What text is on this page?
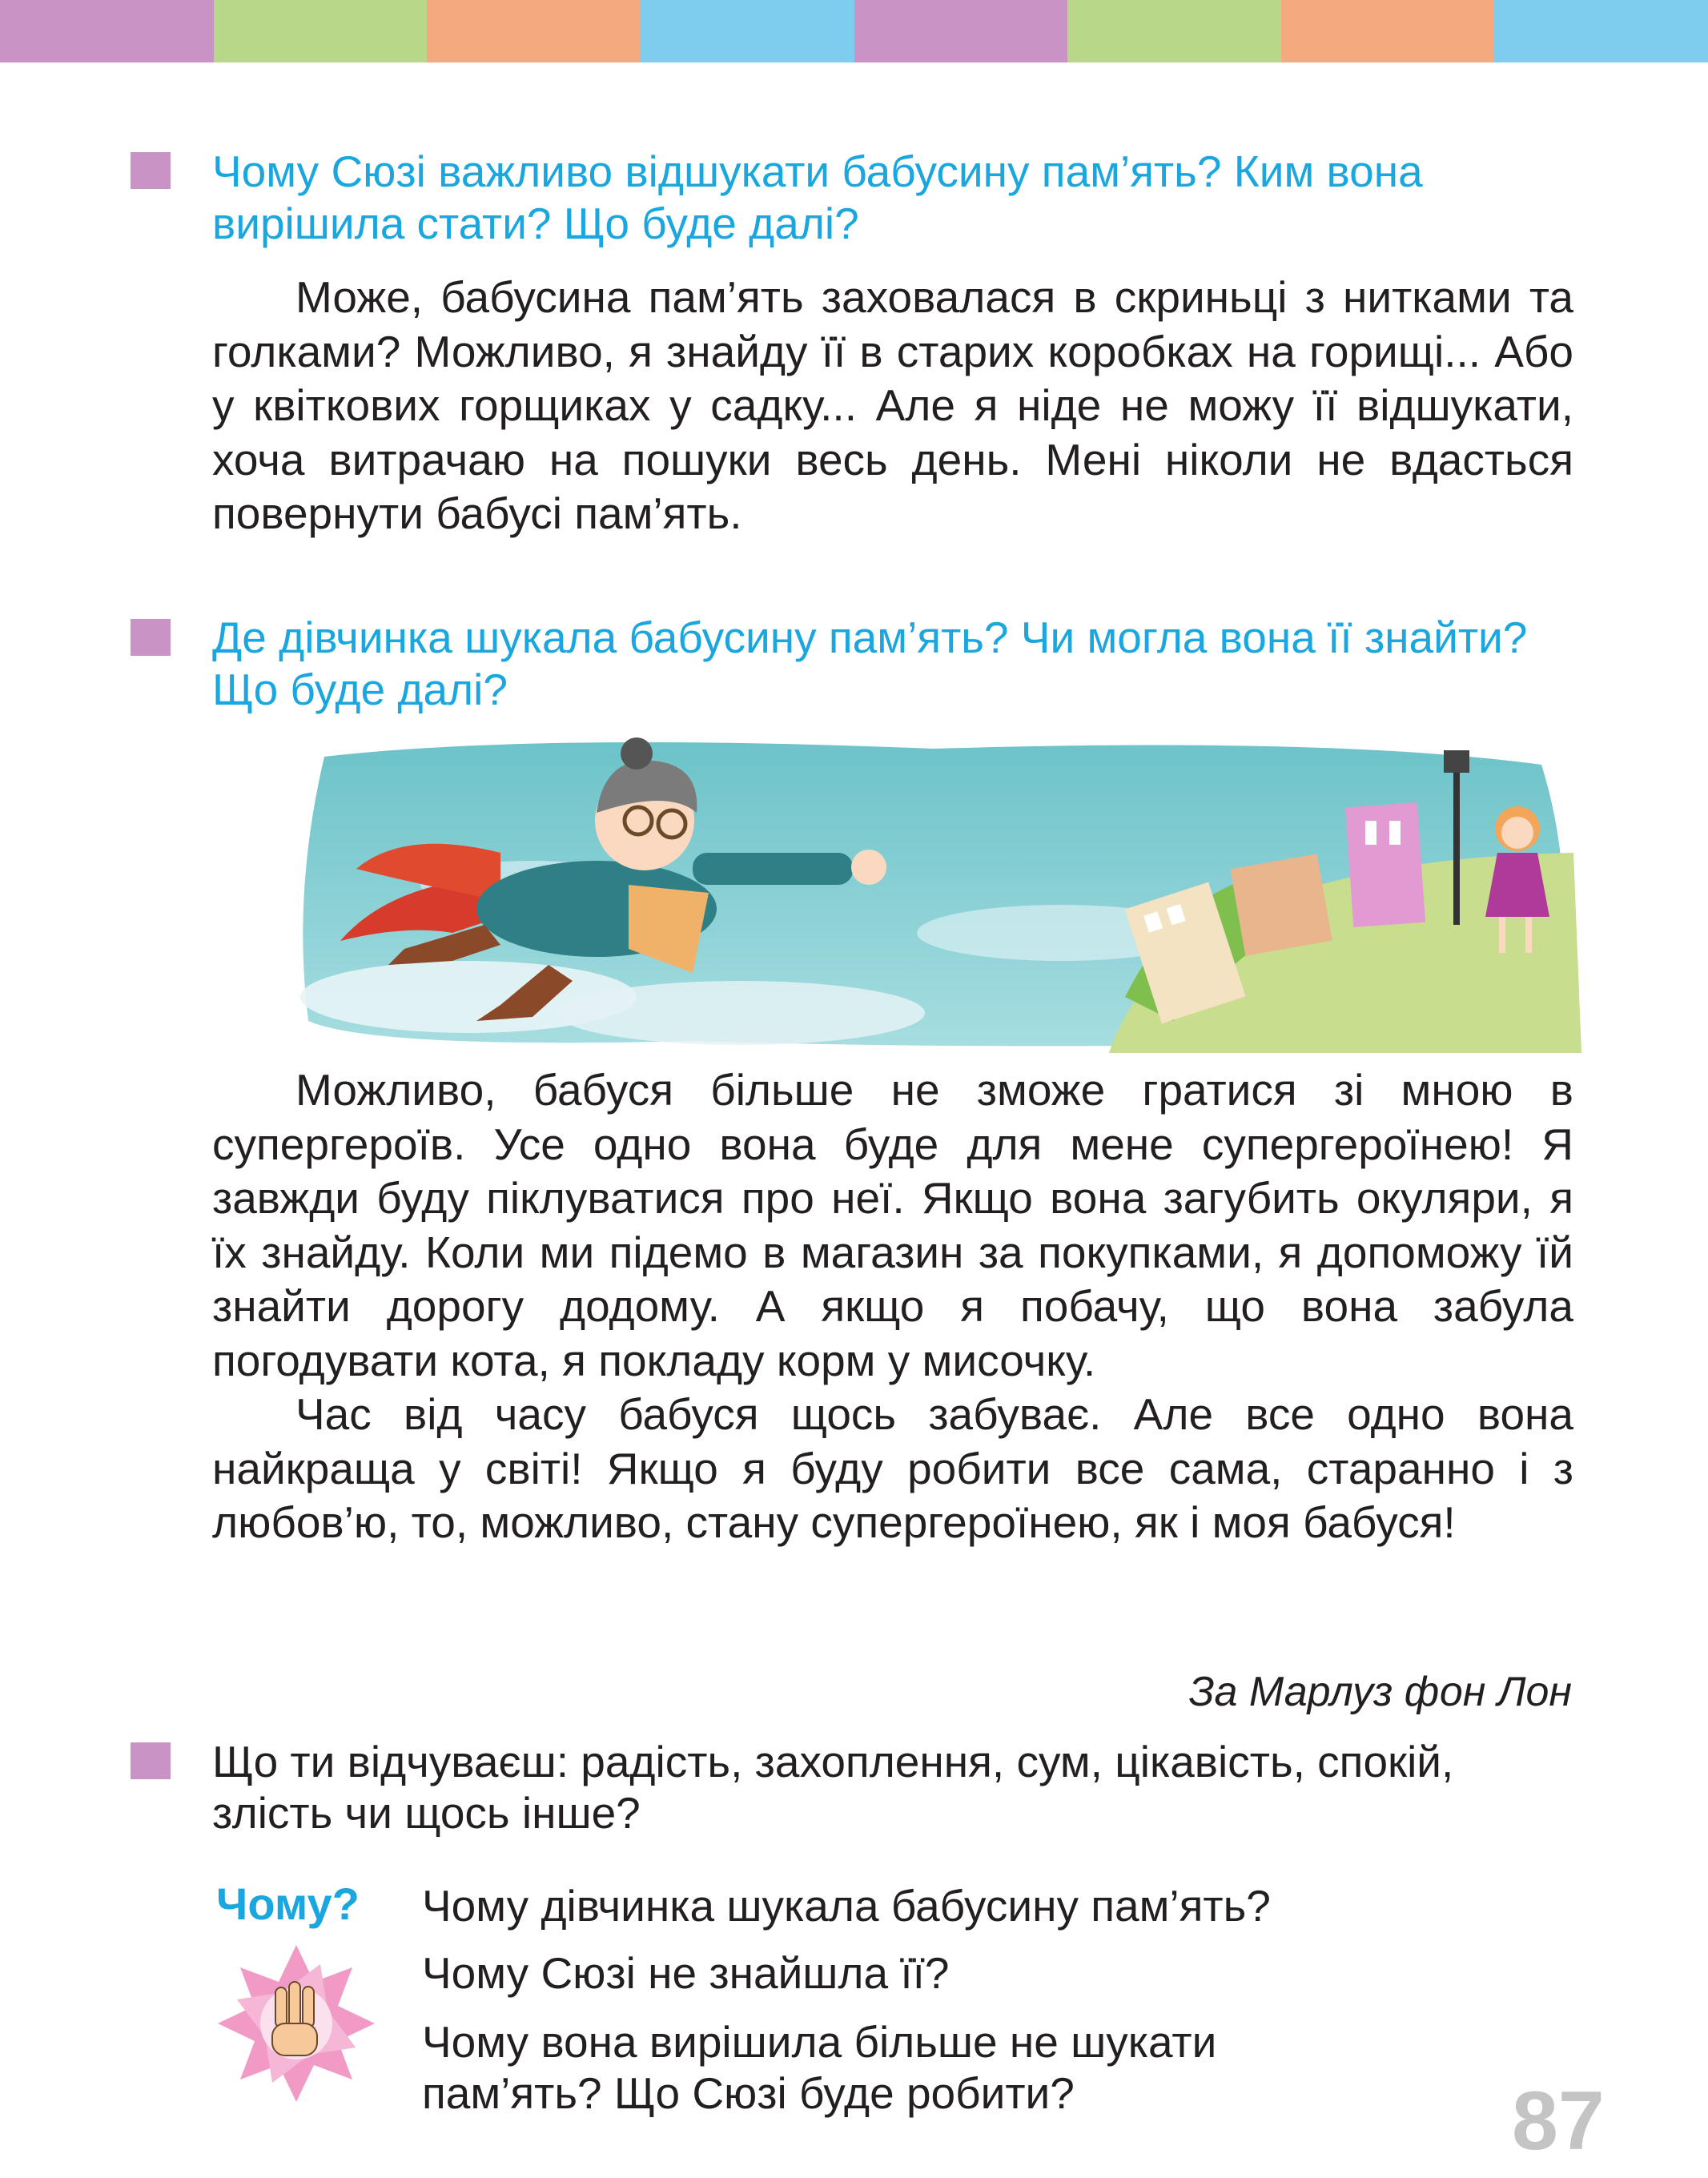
Чому Сюзі важливо відшукати бабусину пам’ять? Ким вона вирішила стати? Що буде далі?

Може, бабусина пам’ять заховалася в скриньці з нитками та голками? Можливо, я знайду її в старих коробках на горищі... Або у квіткових горщиках у садку... Але я ніде не можу її відшукати, хоча витрачаю на пошуки весь день. Мені ніколи не вдасться повернути бабусі пам’ять.

Де дівчинка шукала бабусину пам’ять? Чи могла вона її знайти? Що буде далі?

Можливо, бабуся більше не зможе гратися зі мною в супергероїв. Усе одно вона буде для мене супергероїнею! Я завжди буду піклуватися про неї. Якщо вона загубить окуляри, я їх знайду. Коли ми підемо в магазин за покупками, я допоможу їй знайти дорогу додому. А якщо я побачу, що вона забула погодувати кота, я покладу корм у мисочку.

Час від часу бабуся щось забуває. Але все одно вона найкраща у світі! Якщо я буду робити все сама, старанно і з любов’ю, то, можливо, стану супергероїнею, як і моя бабуся!

За Марлуз фон Лон
Що ти відчуваєш: радість, захоплення, сум, цікавість, спокій, злість чи щось інше?
Чому? Чому дівчинка шукала бабусину пам’ять?
Чому Сюзі не знайшла її?
Чому вона вирішила більше не шукати пам’ять? Що Сюзі буде робити?	87
